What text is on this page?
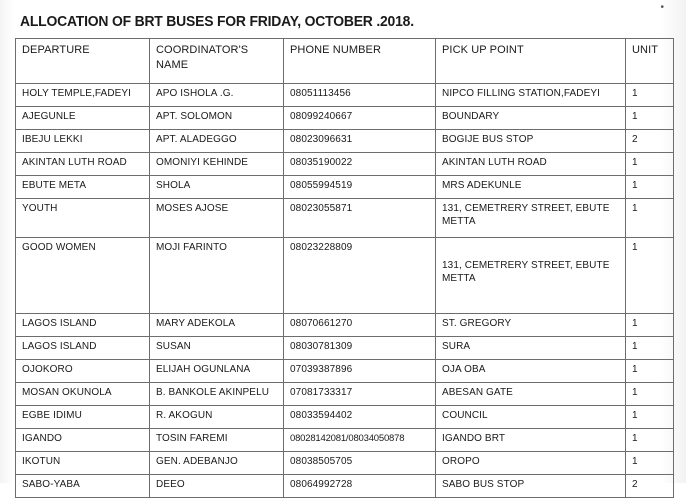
ALLOCATION OF BRT BUSES FOR FRIDAY, OCTOBER .2018.
•
DEPARTURE	COORDINATOR'S NAME	PHONE NUMBER	PICK UP POINT	UNIT
HOLY TEMPLE,FADEYI	APO ISHOLA .G.	08051113456	NIPCO FILLING STATION,FADEYI	1
AJEGUNLE	APT. SOLOMON	08099240667	BOUNDARY	1
IBEJU LEKKI	APT. ALADEGGO	08023096631	BOGIJE BUS STOP	2
AKINTAN LUTH ROAD	OMONIYI KEHINDE	08035190022	AKINTAN LUTH ROAD	1
EBUTE META	SHOLA	08055994519	MRS ADEKUNLE	1
YOUTH	MOSES AJOSE	08023055871	131, CEMETRERY STREET, EBUTE METTA	1
GOOD WOMEN	MOJI FARINTO	08023228809	131, CEMETRERY STREET, EBUTE METTA	1
LAGOS ISLAND	MARY ADEKOLA	08070661270	ST. GREGORY	1
LAGOS ISLAND	SUSAN	08030781309	SURA	1
OJOKORO	ELIJAH OGUNLANA	07039387896	OJA OBA	1
MOSAN OKUNOLA	B. BANKOLE AKINPELU	07081733317	ABESAN GATE	1
EGBE IDIMU	R. AKOGUN	08033594402	COUNCIL	1
IGANDO	TOSIN FAREMI	08028142081/08034050878	IGANDO BRT	1
IKOTUN	GEN. ADEBANJO	08038505705	OROPO	1
SABO-YABA	DEEO	08064992728	SABO BUS STOP	2
